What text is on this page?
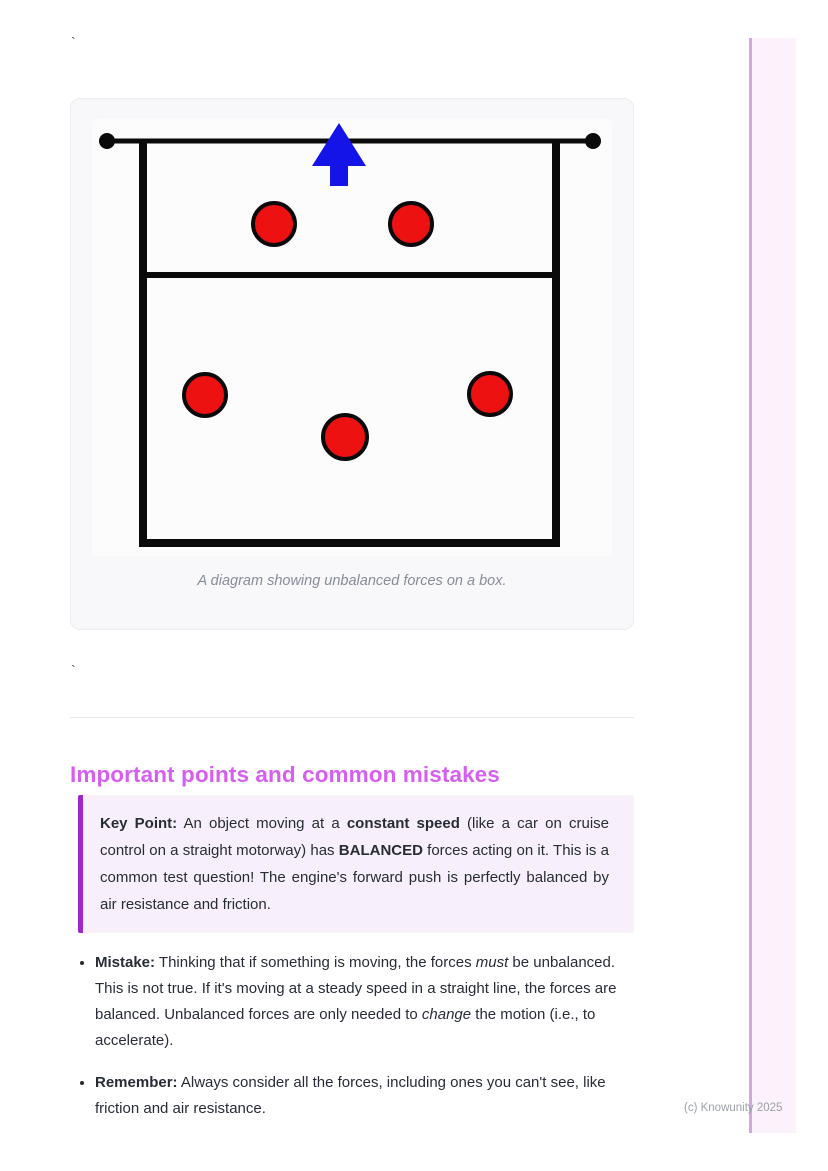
`
A diagram showing unbalanced forces on a box.
`
Important points and common mistakes

Key Point: An object moving at a constant speed (like a car on cruise control on a straight motorway) has BALANCED forces acting on it. This is a common test question! The engine's forward push is perfectly balanced by air resistance and friction.

• Mistake: Thinking that if something is moving, the forces must be unbalanced. This is not true. If it's moving at a steady speed in a straight line, the forces are balanced. Unbalanced forces are only needed to change the motion (i.e., to accelerate).
• Remember: Always consider all the forces, including ones you can't see, like friction and air resistance.	(c) Knowunity 2025
